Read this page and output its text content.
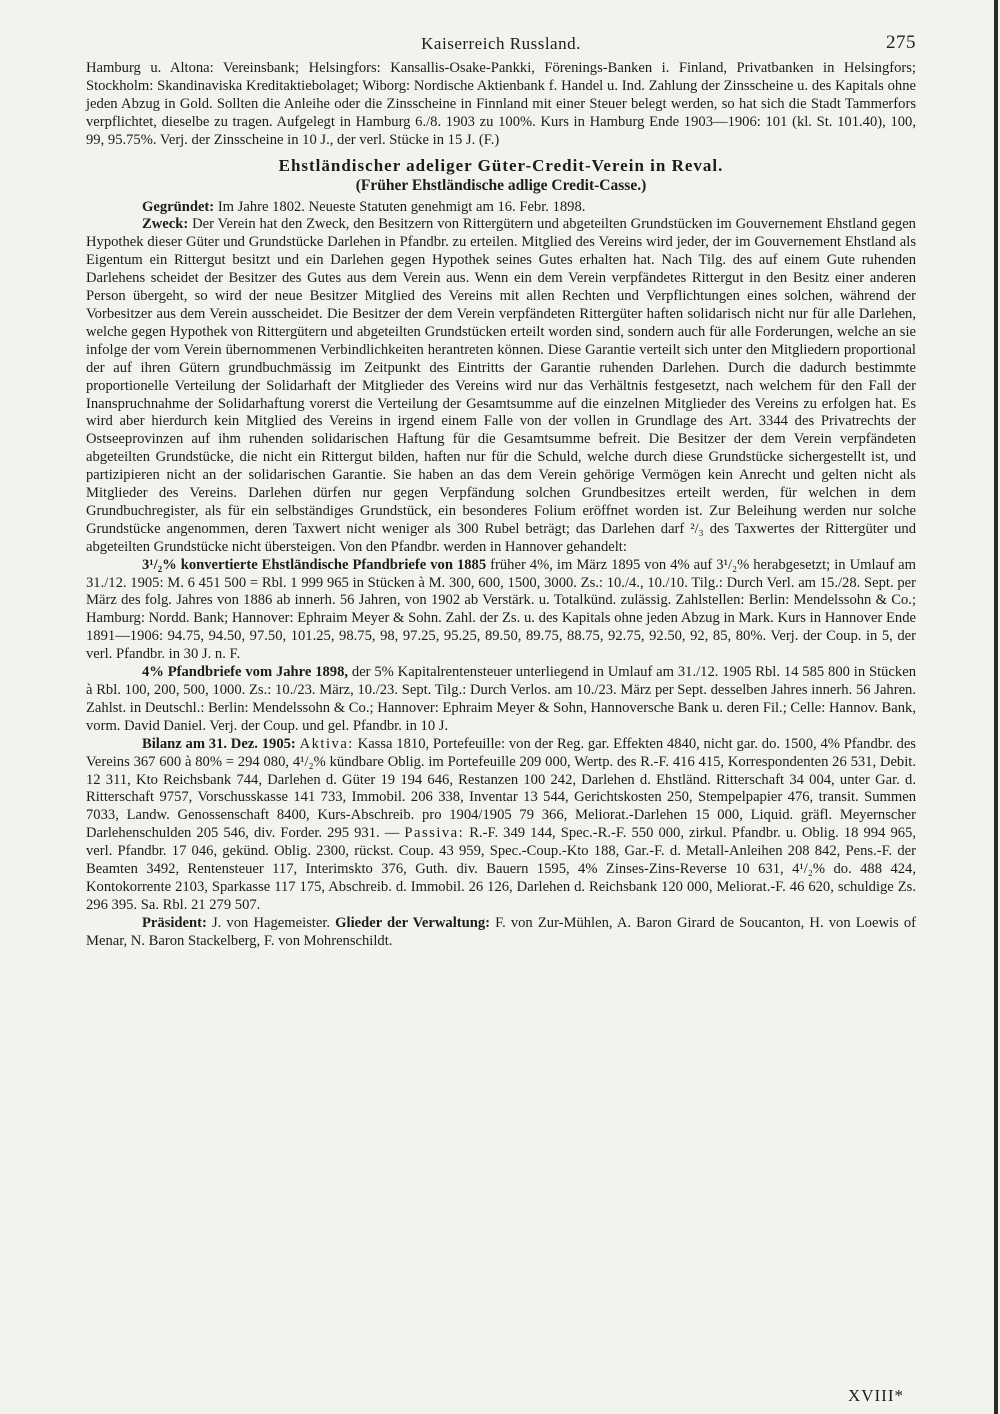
Kaiserreich Russland.	275

Hamburg u. Altona: Vereinsbank; Helsingfors: Kansallis-Osake-Pankki, Förenings-Banken i. Finland, Privatbanken in Helsingfors; Stockholm: Skandinaviska Kreditaktiebolaget; Wiborg: Nordische Aktienbank f. Handel u. Ind. Zahlung der Zinsscheine u. des Kapitals ohne jeden Abzug in Gold. Sollten die Anleihe oder die Zinsscheine in Finnland mit einer Steuer belegt werden, so hat sich die Stadt Tammerfors verpflichtet, dieselbe zu tragen. Aufgelegt in Hamburg 6./8. 1903 zu 100%. Kurs in Hamburg Ende 1903—1906: 101 (kl. St. 101.40), 100, 99, 95.75%. Verj. der Zinsscheine in 10 J., der verl. Stücke in 15 J. (F.)

Ehstländischer adeliger Güter-Credit-Verein in Reval.
(Früher Ehstländische adlige Credit-Casse.)

Gegründet: Im Jahre 1802. Neueste Statuten genehmigt am 16. Febr. 1898.

Zweck: Der Verein hat den Zweck, den Besitzern von Rittergütern und abgeteilten Grundstücken im Gouvernement Ehstland gegen Hypothek dieser Güter und Grundstücke Darlehen in Pfandbr. zu erteilen. Mitglied des Vereins wird jeder, der im Gouvernement Ehstland als Eigentum ein Rittergut besitzt und ein Darlehen gegen Hypothek seines Gutes erhalten hat. Nach Tilg. des auf einem Gute ruhenden Darlehens scheidet der Besitzer des Gutes aus dem Verein aus. Wenn ein dem Verein verpfändetes Rittergut in den Besitz einer anderen Person übergeht, so wird der neue Besitzer Mitglied des Vereins mit allen Rechten und Verpflichtungen eines solchen, während der Vorbesitzer aus dem Verein ausscheidet. Die Besitzer der dem Verein verpfändeten Rittergüter haften solidarisch nicht nur für alle Darlehen, welche gegen Hypothek von Rittergütern und abgeteilten Grundstücken erteilt worden sind, sondern auch für alle Forderungen, welche an sie infolge der vom Verein übernommenen Verbindlichkeiten herantreten können. Diese Garantie verteilt sich unter den Mitgliedern proportional der auf ihren Gütern grundbuchmässig im Zeitpunkt des Eintritts der Garantie ruhenden Darlehen. Durch die dadurch bestimmte proportionelle Verteilung der Solidarhaft der Mitglieder des Vereins wird nur das Verhältnis festgesetzt, nach welchem für den Fall der Inanspruchnahme der Solidarhaftung vorerst die Verteilung der Gesamtsumme auf die einzelnen Mitglieder des Vereins zu erfolgen hat. Es wird aber hierdurch kein Mitglied des Vereins in irgend einem Falle von der vollen in Grundlage des Art. 3344 des Privatrechts der Ostseeprovinzen auf ihm ruhenden solidarischen Haftung für die Gesamtsumme befreit. Die Besitzer der dem Verein verpfändeten abgeteilten Grundstücke, die nicht ein Rittergut bilden, haften nur für die Schuld, welche durch diese Grundstücke sichergestellt ist, und partizipieren nicht an der solidarischen Garantie. Sie haben an das dem Verein gehörige Vermögen kein Anrecht und gelten nicht als Mitglieder des Vereins. Darlehen dürfen nur gegen Verpfändung solchen Grundbesitzes erteilt werden, für welchen in dem Grundbuchregister, als für ein selbständiges Grundstück, ein besonderes Folium eröffnet worden ist. Zur Beleihung werden nur solche Grundstücke angenommen, deren Taxwert nicht weniger als 300 Rubel beträgt; das Darlehen darf ²/₃ des Taxwertes der Rittergüter und abgeteilten Grundstücke nicht übersteigen. Von den Pfandbr. werden in Hannover gehandelt:

3¹/₂% konvertierte Ehstländische Pfandbriefe von 1885 früher 4%, im März 1895 von 4% auf 3¹/₂% herabgesetzt; in Umlauf am 31./12. 1905: M. 6 451 500 = Rbl. 1 999 965 in Stücken à M. 300, 600, 1500, 3000. Zs.: 10./4., 10./10. Tilg.: Durch Verl. am 15./28. Sept. per März des folg. Jahres von 1886 ab innerh. 56 Jahren, von 1902 ab Verstärk. u. Totalkünd. zulässig. Zahlstellen: Berlin: Mendelssohn & Co.; Hamburg: Nordd. Bank; Hannover: Ephraim Meyer & Sohn. Zahl. der Zs. u. des Kapitals ohne jeden Abzug in Mark. Kurs in Hannover Ende 1891—1906: 94.75, 94.50, 97.50, 101.25, 98.75, 98, 97.25, 95.25, 89.50, 89.75, 88.75, 92.75, 92.50, 92, 85, 80%. Verj. der Coup. in 5, der verl. Pfandbr. in 30 J. n. F.

4% Pfandbriefe vom Jahre 1898, der 5% Kapitalrentensteuer unterliegend in Umlauf am 31./12. 1905 Rbl. 14 585 800 in Stücken à Rbl. 100, 200, 500, 1000. Zs.: 10./23. März, 10./23. Sept. Tilg.: Durch Verlos. am 10./23. März per Sept. desselben Jahres innerh. 56 Jahren. Zahlst. in Deutschl.: Berlin: Mendelssohn & Co.; Hannover: Ephraim Meyer & Sohn, Hannoversche Bank u. deren Fil.; Celle: Hannov. Bank, vorm. David Daniel. Verj. der Coup. und gel. Pfandbr. in 10 J.

Bilanz am 31. Dez. 1905: Aktiva: Kassa 1810, Portefeuille: von der Reg. gar. Effekten 4840, nicht gar. do. 1500, 4% Pfandbr. des Vereins 367 600 à 80% = 294 080, 4¹/₂% kündbare Oblig. im Portefeuille 209 000, Wertp. des R.-F. 416 415, Korrespondenten 26 531, Debit. 12 311, Kto Reichsbank 744, Darlehen d. Güter 19 194 646, Restanzen 100 242, Darlehen d. Ehstländ. Ritterschaft 34 004, unter Gar. d. Ritterschaft 9757, Vorschusskasse 141 733, Immobil. 206 338, Inventar 13 544, Gerichtskosten 250, Stempelpapier 476, transit. Summen 7033, Landw. Genossenschaft 8400, Kurs-Abschreib. pro 1904/1905 79 366, Meliorat.-Darlehen 15 000, Liquid. gräfl. Meyernscher Darlehenschulden 205 546, div. Forder. 295 931. — Passiva: R.-F. 349 144, Spec.-R.-F. 550 000, zirkul. Pfandbr. u. Oblig. 18 994 965, verl. Pfandbr. 17 046, gekünd. Oblig. 2300, rückst. Coup. 43 959, Spec.-Coup.-Kto 188, Gar.-F. d. Metall-Anleihen 208 842, Pens.-F. der Beamten 3492, Rentensteuer 117, Interimskto 376, Guth. div. Bauern 1595, 4% Zinses-Zins-Reverse 10 631, 4¹/₂% do. 488 424, Kontokorrente 2103, Sparkasse 117 175, Abschreib. d. Immobil. 26 126, Darlehen d. Reichsbank 120 000, Meliorat.-F. 46 620, schuldige Zs. 296 395. Sa. Rbl. 21 279 507.

Präsident: J. von Hagemeister. Glieder der Verwaltung: F. von Zur-Mühlen, A. Baron Girard de Soucanton, H. von Loewis of Menar, N. Baron Stackelberg, F. von Mohrenschildt.

XVIII*
